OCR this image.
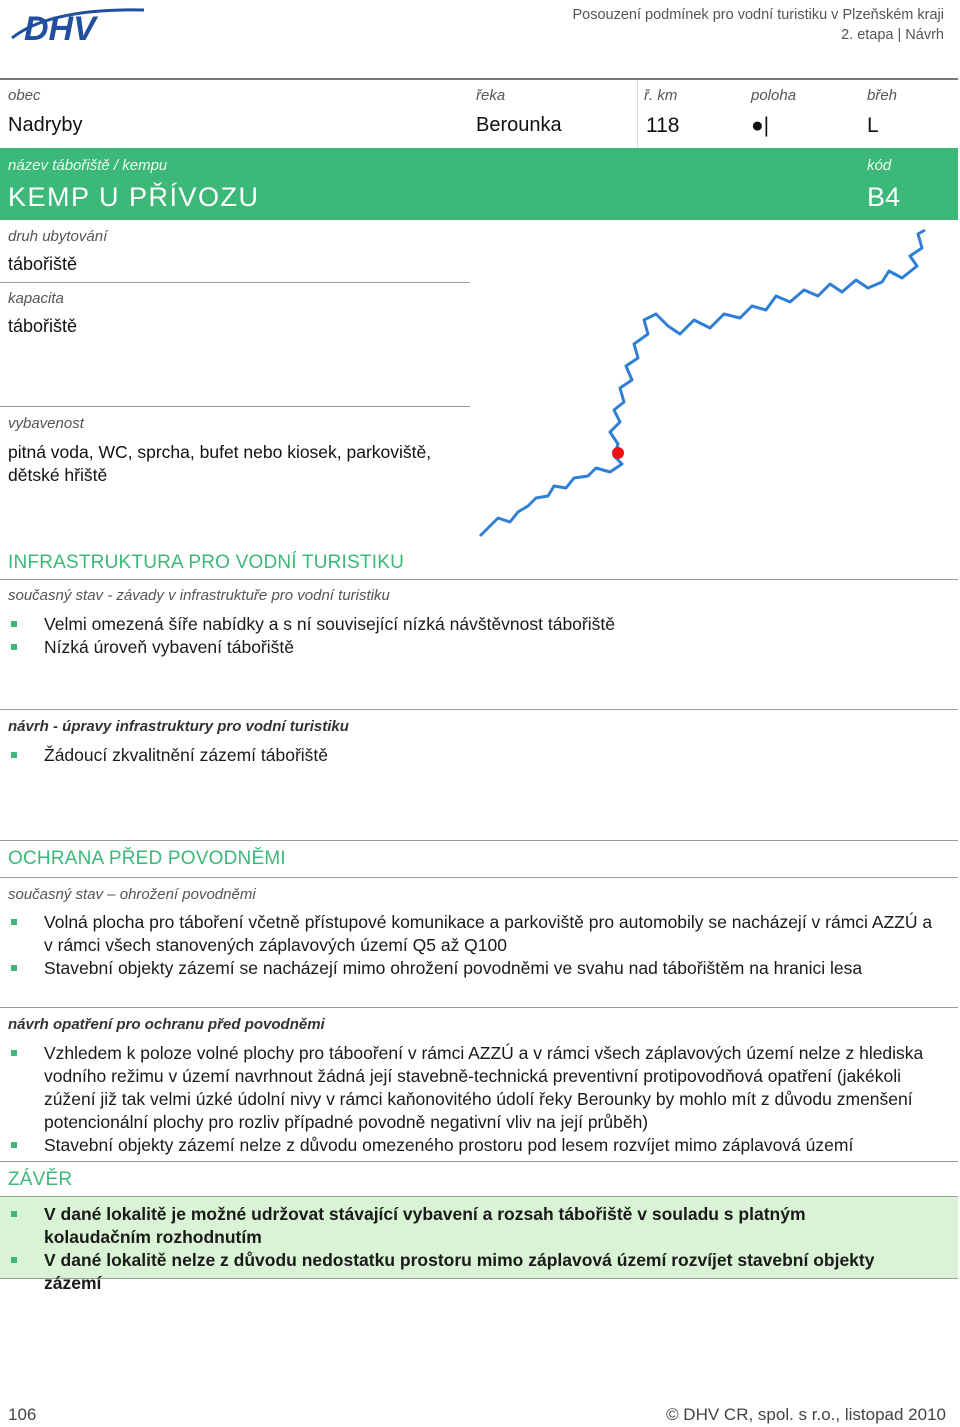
DHV	Posouzení podmínek pro vodní turistiku v Plzeňském kraji
2. etapa | Návrh
obec
Nadryby
řeka
Berounka
ř. km
118
poloha
●|
břeh
L
název tábořiště / kempu
KEMP U PŘÍVOZU
kód
B4
druh ubytování
tábořiště
kapacita
tábořiště
vybavenost
pitná voda, WC, sprcha, bufet nebo kiosek, parkoviště, dětské hřiště
INFRASTRUKTURA PRO VODNÍ TURISTIKU
současný stav - závady v infrastruktuře pro vodní turistiku
Velmi omezená šíře nabídky a s ní související nízká návštěvnost tábořiště
Nízká úroveň vybavení tábořiště
návrh - úpravy infrastruktury pro vodní turistiku
Žádoucí zkvalitnění zázemí tábořiště
OCHRANA PŘED POVODNĚMI
současný stav – ohrožení povodněmi
Volná plocha pro táboření včetně přístupové komunikace a parkoviště pro automobily se nacházejí v rámci AZZÚ a v rámci všech stanovených záplavových území Q5 až Q100
Stavební objekty zázemí se nacházejí mimo ohrožení povodněmi ve svahu nad tábořištěm na hranici lesa
návrh opatření pro ochranu před povodněmi
Vzhledem k poloze volné plochy pro tábooření v rámci AZZÚ a v rámci všech záplavových území nelze z hlediska vodního režimu v území navrhnout žádná její stavebně-technická preventivní protipovodňová opatření (jakékoli zúžení již tak velmi úzké údolní nivy v rámci kaňonovitého údolí řeky Berounky by mohlo mít z důvodu zmenšení potencionální plochy pro rozliv případné povodně negativní vliv na její průběh)
Stavební objekty zázemí nelze z důvodu omezeného prostoru pod lesem rozvíjet mimo záplavová území
ZÁVĚR
V dané lokalitě je možné udržovat stávající vybavení a rozsah tábořiště v souladu s platným kolaudačním rozhodnutím
V dané lokalitě nelze z důvodu nedostatku prostoru mimo záplavová území rozvíjet stavební objekty zázemí
106	© DHV CR, spol. s r.o., listopad 2010
